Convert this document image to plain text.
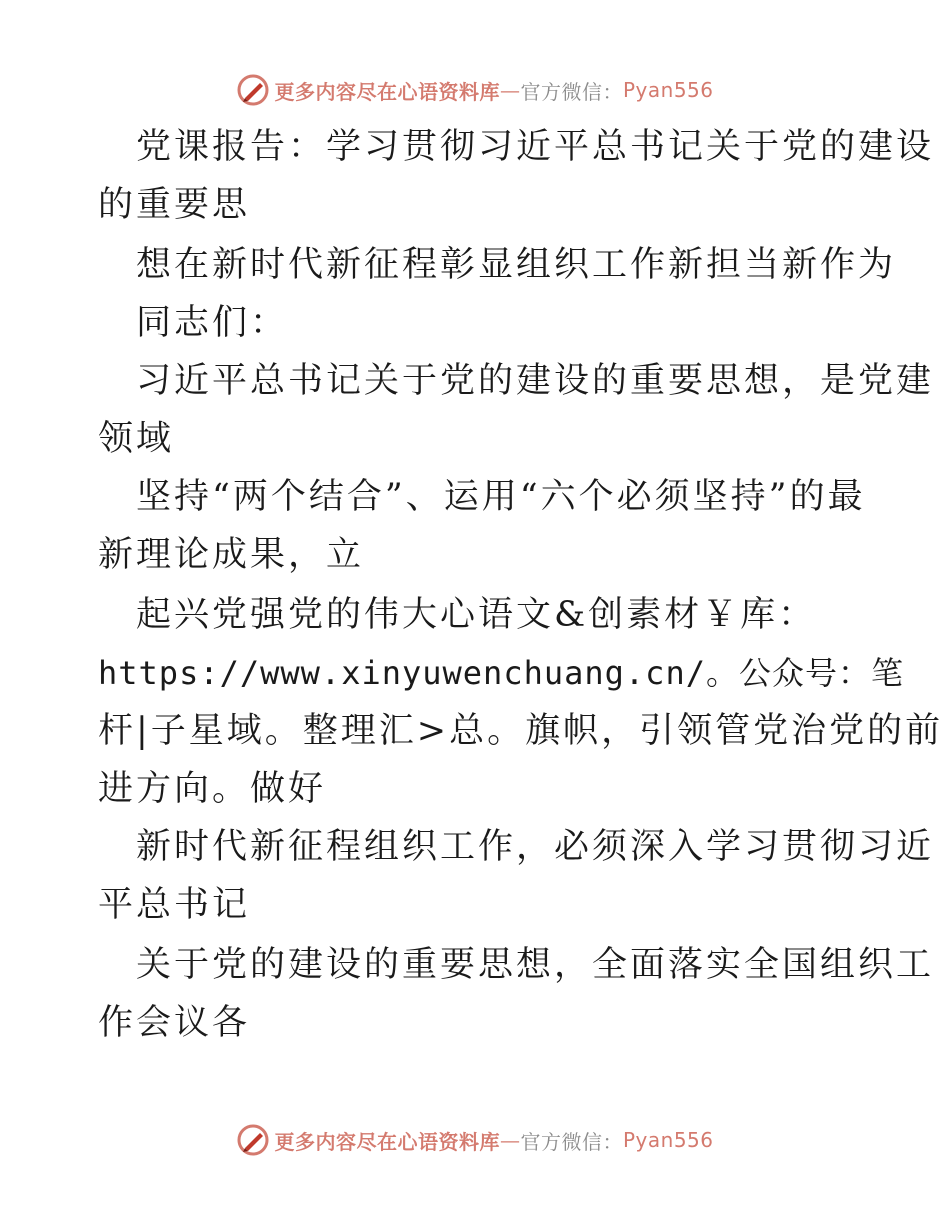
更多内容尽在心语资料库 — 官方微信： Pyan556
党课报告：学习贯彻习近平总书记关于党的建设
的重要思
想在新时代新征程彰显组织工作新担当新作为
同志们：
习近平总书记关于党的建设的重要思想，是党建
领域
坚持“两个结合”、运用“六个必须坚持”的最
新理论成果，立
起兴党强党的伟大心语文&创素材￥库：
https://www.xinyuwenchuang.cn/。公众号：笔
杆|子星域。整理汇>总。旗帜，引领管党治党的前
进方向。做好
新时代新征程组织工作，必须深入学习贯彻习近
平总书记
关于党的建设的重要思想，全面落实全国组织工
作会议各
更多内容尽在心语资料库 — 官方微信： Pyan556
